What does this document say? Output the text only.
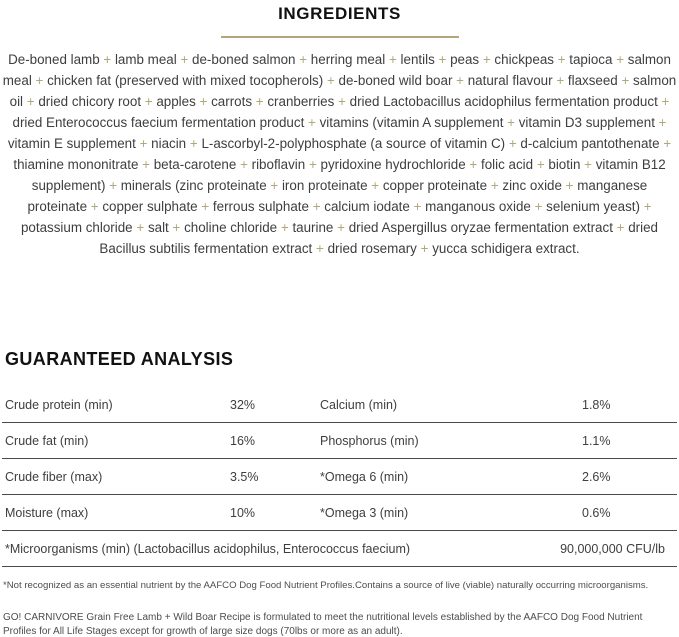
INGREDIENTS

De-boned lamb + lamb meal + de-boned salmon + herring meal + lentils + peas + chickpeas + tapioca + salmon meal + chicken fat (preserved with mixed tocopherols) + de-boned wild boar + natural flavour + flaxseed + salmon oil + dried chicory root + apples + carrots + cranberries + dried Lactobacillus acidophilus fermentation product + dried Enterococcus faecium fermentation product + vitamins (vitamin A supplement + vitamin D3 supplement + vitamin E supplement + niacin + L-ascorbyl-2-polyphosphate (a source of vitamin C) + d-calcium pantothenate + thiamine mononitrate + beta-carotene + riboflavin + pyridoxine hydrochloride + folic acid + biotin + vitamin B12 supplement) + minerals (zinc proteinate + iron proteinate + copper proteinate + zinc oxide + manganese proteinate + copper sulphate + ferrous sulphate + calcium iodate + manganous oxide + selenium yeast) + potassium chloride + salt + choline chloride + taurine + dried Aspergillus oryzae fermentation extract + dried Bacillus subtilis fermentation extract + dried rosemary + yucca schidigera extract.

GUARANTEED ANALYSIS
Crude protein (min)	32%	Calcium (min)	1.8%
Crude fat (min)	16%	Phosphorus (min)	1.1%
Crude fiber (max)	3.5%	*Omega 6 (min)	2.6%
Moisture (max)	10%	*Omega 3 (min)	0.6%
*Microorganisms (min) (Lactobacillus acidophilus, Enterococcus faecium)	90,000,000 CFU/lb

*Not recognized as an essential nutrient by the AAFCO Dog Food Nutrient Profiles.Contains a source of live (viable) naturally occurring microorganisms.

GO! CARNIVORE Grain Free Lamb + Wild Boar Recipe is formulated to meet the nutritional levels established by the AAFCO Dog Food Nutrient Profiles for All Life Stages except for growth of large size dogs (70lbs or more as an adult).
